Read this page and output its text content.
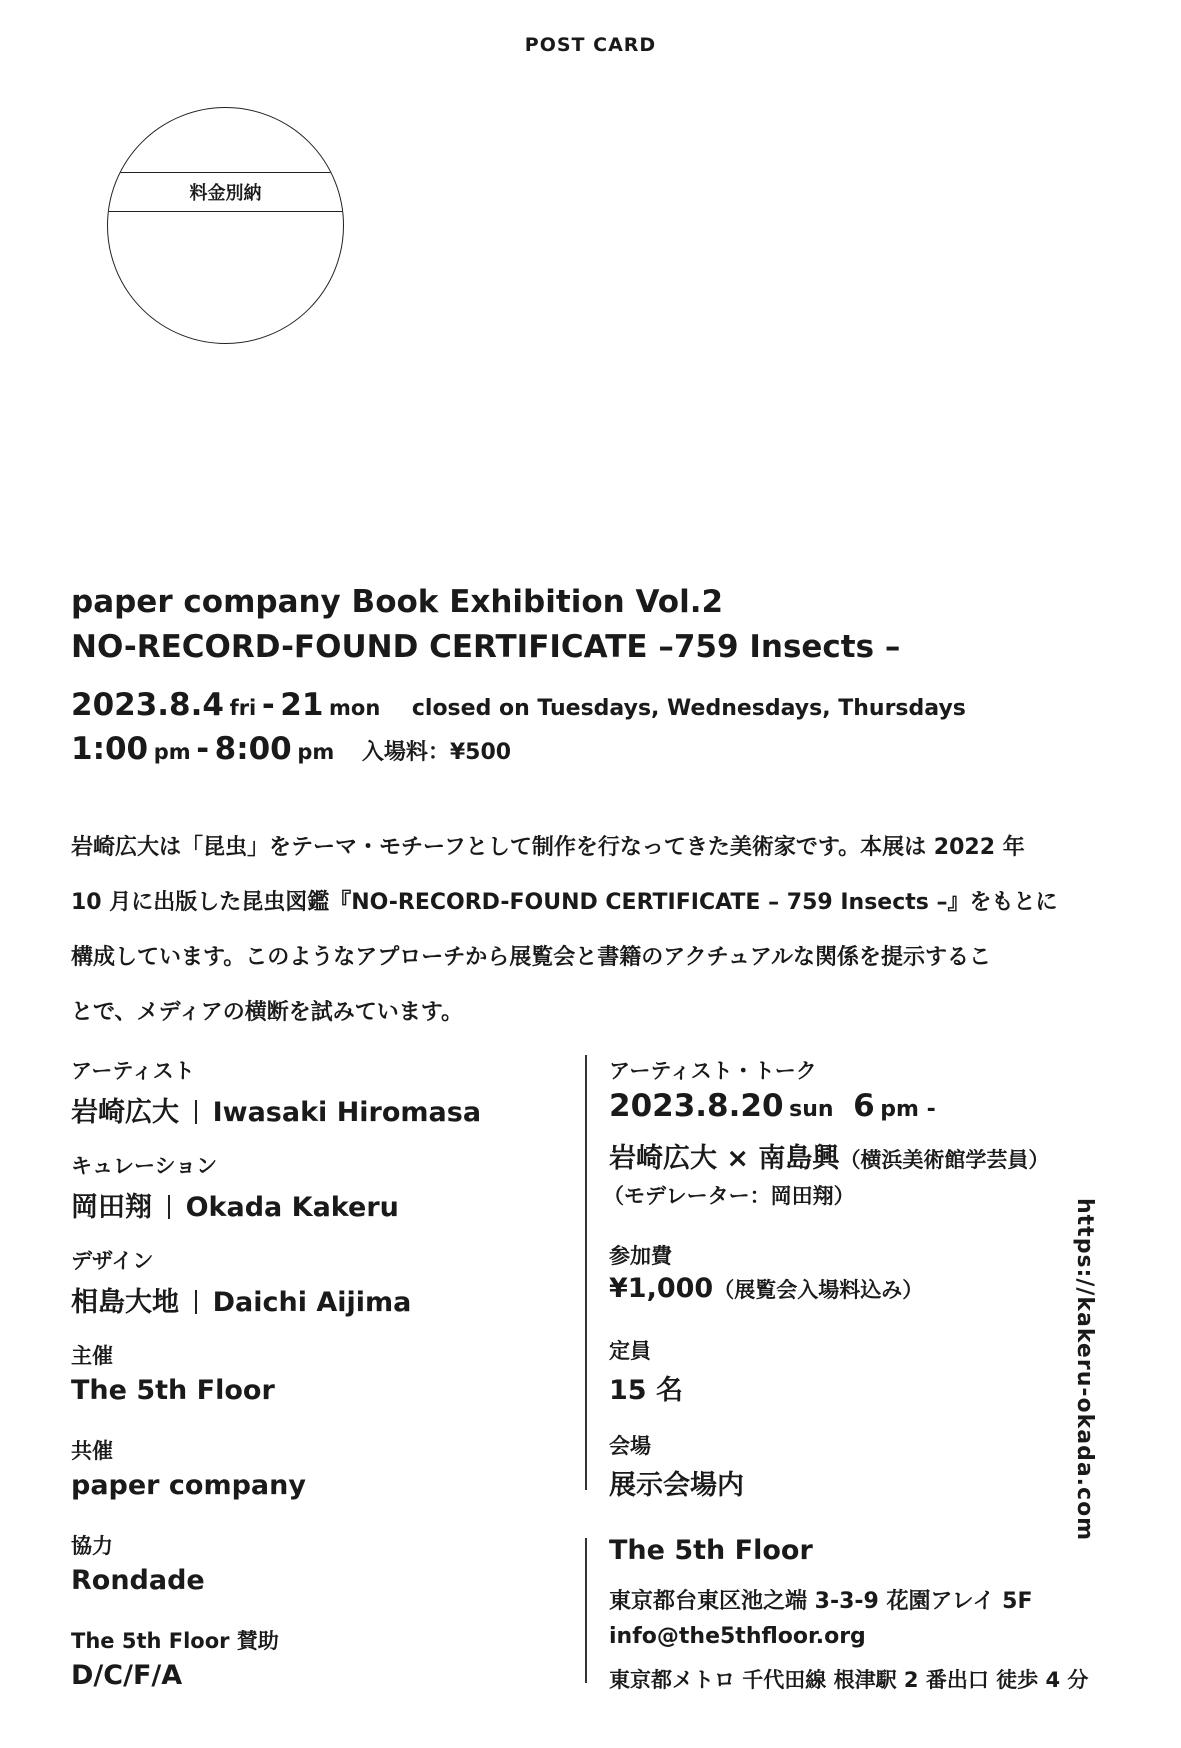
POST CARD
料金別納
paper company Book Exhibition Vol.2
NO-RECORD-FOUND CERTIFICATE –759 Insects –
2023.8.4 fri - 21 mon closed on Tuesdays, Wednesdays, Thursdays
1:00 pm - 8:00 pm 入場料：¥500
岩崎広大は「昆虫」をテーマ・モチーフとして制作を行なってきた美術家です。本展は 2022 年
10 月に出版した昆虫図鑑『NO-RECORD-FOUND CERTIFICATE – 759 Insects –』をもとに
構成しています。このようなアプローチから展覧会と書籍のアクチュアルな関係を提示するこ
とで、メディアの横断を試みています。
アーティスト
岩崎広大 Iwasaki Hiromasa
キュレーション
岡田翔 Okada Kakeru
デザイン
相島大地 Daichi Aijima
主催
The 5th Floor
共催
paper company
協力
Rondade
The 5th Floor 賛助
D/C/F/A
アーティスト・トーク
2023.8.20 sun 6 pm -
岩崎広大 × 南島興（横浜美術館学芸員）
（モデレーター：岡田翔）
参加費
¥1,000（展覧会入場料込み）
定員
15 名
会場
展示会場内
The 5th Floor
東京都台東区池之端 3-3-9 花園アレイ 5F
info@the5thfloor.org
東京都メトロ 千代田線 根津駅 2 番出口 徒歩 4 分
https://kakeru-okada.com
